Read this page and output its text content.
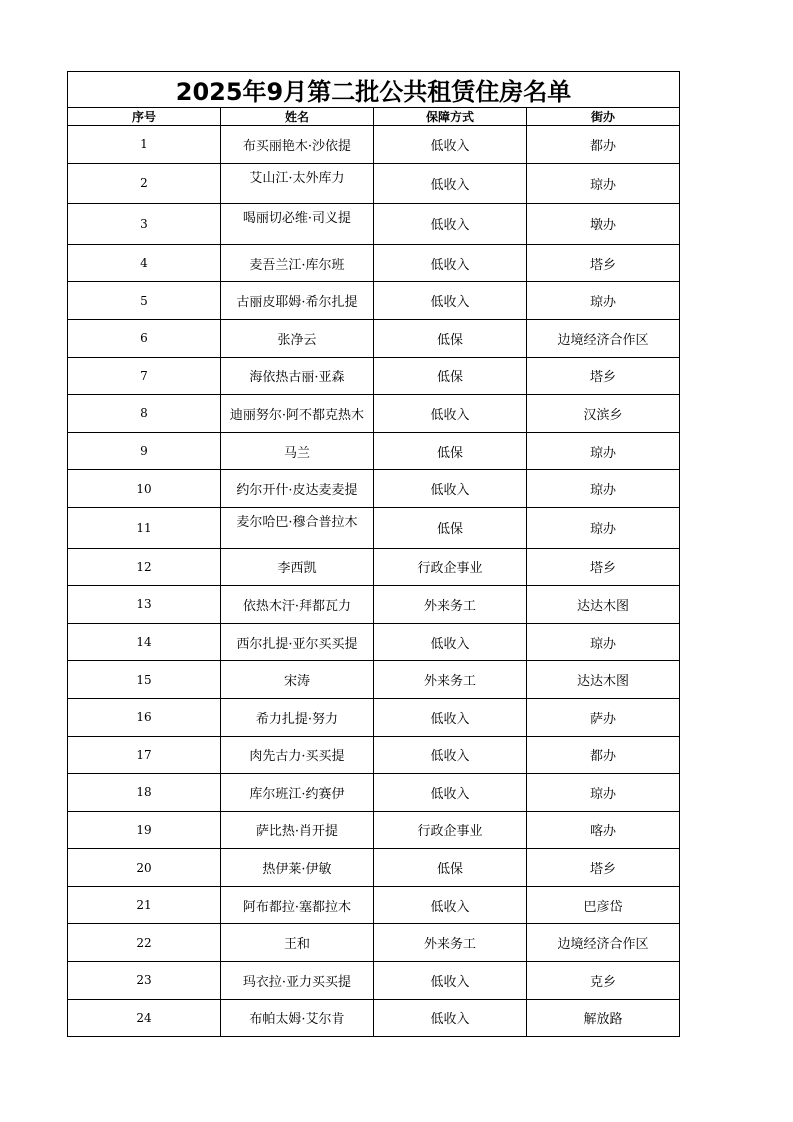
2025年9月第二批公共租赁住房名单			
序号	姓名	保障方式	街办
1	布买丽艳木·沙依提	低收入	都办
2	艾山江·太外库力	低收入	琼办
3	喝丽切必维·司义提	低收入	墩办
4	麦吾兰江·库尔班	低收入	塔乡
5	古丽皮耶姆·希尔扎提	低收入	琼办
6	张净云	低保	边境经济合作区
7	海依热古丽·亚森	低保	塔乡
8	迪丽努尔·阿不都克热木	低收入	汉滨乡
9	马兰	低保	琼办
10	约尔开什·皮达麦麦提	低收入	琼办
11	麦尔哈巴·穆合普拉木	低保	琼办
12	李西凯	行政企事业	塔乡
13	依热木汗·拜都瓦力	外来务工	达达木图
14	西尔扎提·亚尔买买提	低收入	琼办
15	宋涛	外来务工	达达木图
16	希力扎提·努力	低收入	萨办
17	肉先古力·买买提	低收入	都办
18	库尔班江·约赛伊	低收入	琼办
19	萨比热·肖开提	行政企事业	喀办
20	热伊莱·伊敏	低保	塔乡
21	阿布都拉·塞都拉木	低收入	巴彦岱
22	王和	外来务工	边境经济合作区
23	玛衣拉·亚力买买提	低收入	克乡
24	布帕太姆·艾尔肯	低收入	解放路
